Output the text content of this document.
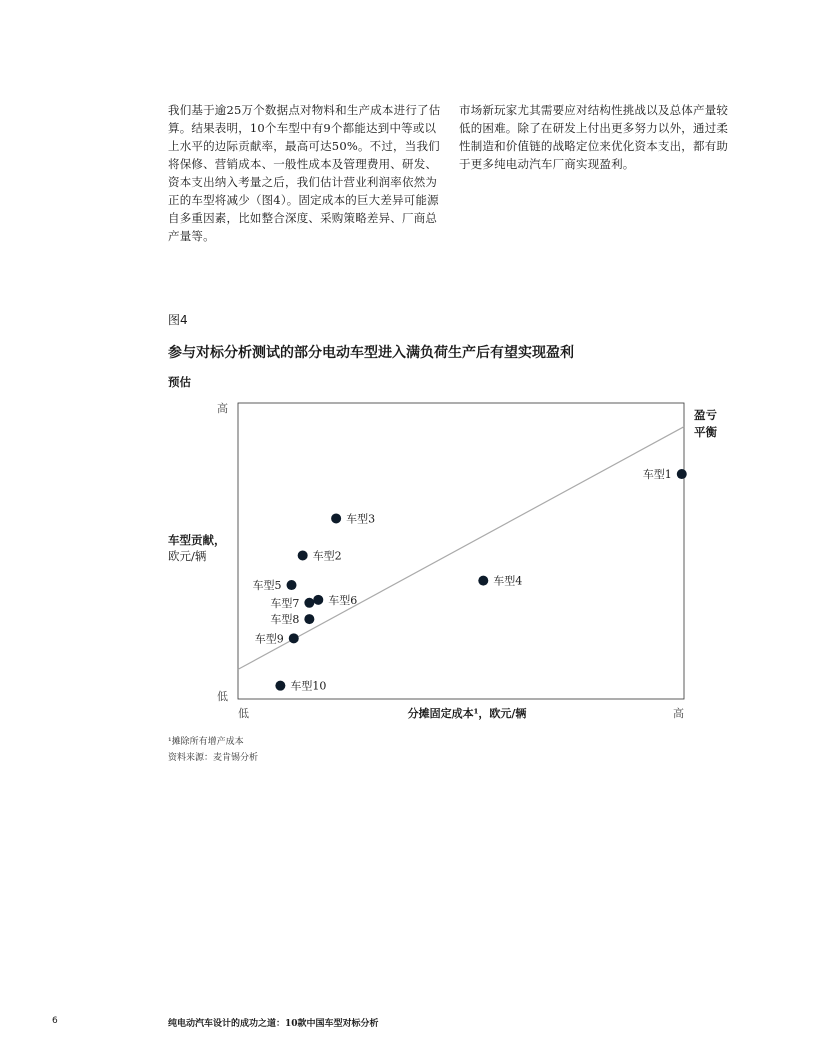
我们基于逾25万个数据点对物料和生产成本进行了估算。结果表明，10个车型中有9个都能达到中等或以上水平的边际贡献率，最高可达50%。不过，当我们将保修、营销成本、一般性成本及管理费用、研发、资本支出纳入考量之后，我们估计营业利润率依然为正的车型将减少（图4）。固定成本的巨大差异可能源自多重因素，比如整合深度、采购策略差异、厂商总产量等。
市场新玩家尤其需要应对结构性挑战以及总体产量较低的困难。除了在研发上付出更多努力以外，通过柔性制造和价值链的战略定位来优化资本支出，都有助于更多纯电动汽车厂商实现盈利。
图4
参与对标分析测试的部分电动车型进入满负荷生产后有望实现盈利
预估
车型1
车型2
车型3
车型4
车型5
车型6
车型7
车型8
车型9
车型10
高
低
低	高
分摊固定成本¹，欧元/辆
车型贡献，
欧元/辆
盈亏
平衡
¹摊除所有增产成本
资料来源：麦肯锡分析
6	纯电动汽车设计的成功之道：10款中国车型对标分析
